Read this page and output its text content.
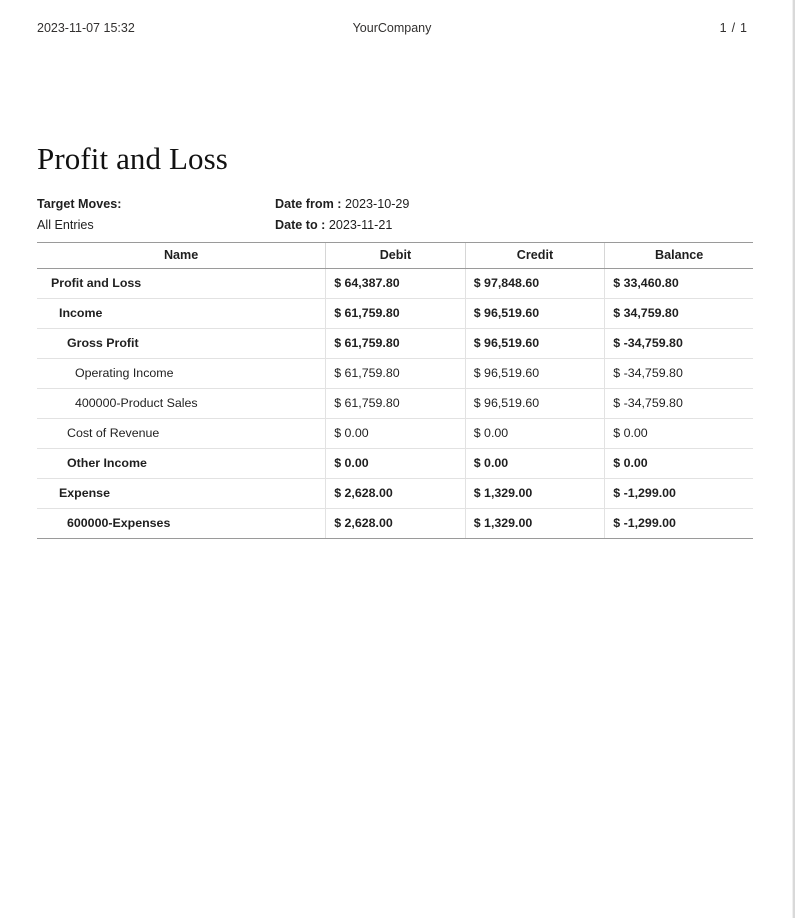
2023-11-07 15:32	YourCompany	1 / 1
Profit and Loss
Target Moves:
All Entries
Date from : 2023-10-29
Date to : 2023-11-21
Name	Debit	Credit	Balance
Profit and Loss	$ 64,387.80	$ 97,848.60	$ 33,460.80
Income	$ 61,759.80	$ 96,519.60	$ 34,759.80
Gross Profit	$ 61,759.80	$ 96,519.60	$ -34,759.80
Operating Income	$ 61,759.80	$ 96,519.60	$ -34,759.80
400000-Product Sales	$ 61,759.80	$ 96,519.60	$ -34,759.80
Cost of Revenue	$ 0.00	$ 0.00	$ 0.00
Other Income	$ 0.00	$ 0.00	$ 0.00
Expense	$ 2,628.00	$ 1,329.00	$ -1,299.00
600000-Expenses	$ 2,628.00	$ 1,329.00	$ -1,299.00
